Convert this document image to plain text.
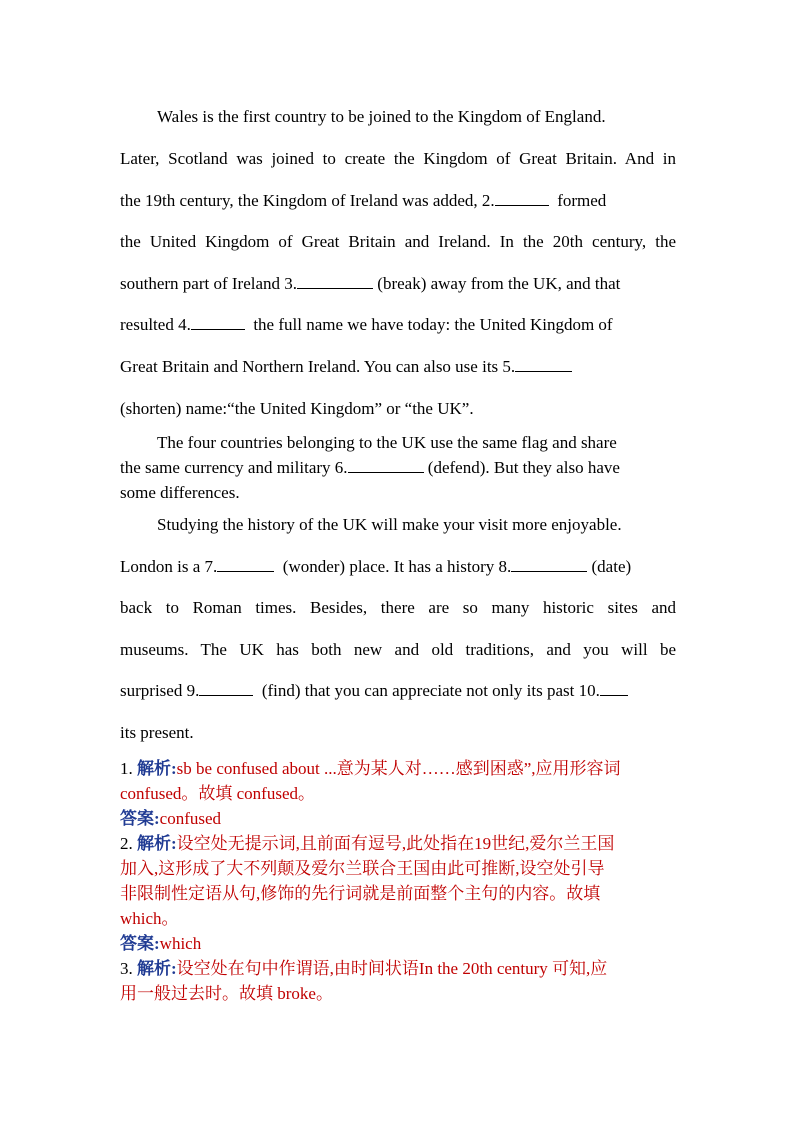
Wales is the first country to be joined to the Kingdom of England.
Later, Scotland was joined to create the Kingdom of Great Britain. And in
the 19th century, the Kingdom of Ireland was added, 2.	formed
the United Kingdom of Great Britain and Ireland. In the 20th century, the
southern part of Ireland 3.	(break) away from the UK, and that
resulted 4.	the full name we have today: the United Kingdom of
Great Britain and Northern Ireland. You can also use its 5.
(shorten) name:“the United Kingdom” or “the UK”.
The four countries belonging to the UK use the same flag and share
the same currency and military 6.	(defend). But they also have
some differences.
Studying the history of the UK will make your visit more enjoyable.
London is a 7.	(wonder) place. It has a history 8.	(date)
back to Roman times. Besides, there are so many historic sites and
museums. The UK has both new and old traditions, and you will be
surprised 9.	(find) that you can appreciate not only its past 10.
its present.
1. 解析:sb be confused about ...意为某人对……感到困惑”,应用形容词
confused。故填 confused。
答案:confused
2. 解析:设空处无提示词,且前面有逗号,此处指在19世纪,爱尔兰王国
加入,这形成了大不列颠及爱尔兰联合王国由此可推断,设空处引导
非限制性定语从句,修饰的先行词就是前面整个主句的内容。故填
which。
答案:which
3. 解析:设空处在句中作谓语,由时间状语In the 20th century 可知,应
用一般过去时。故填 broke。
